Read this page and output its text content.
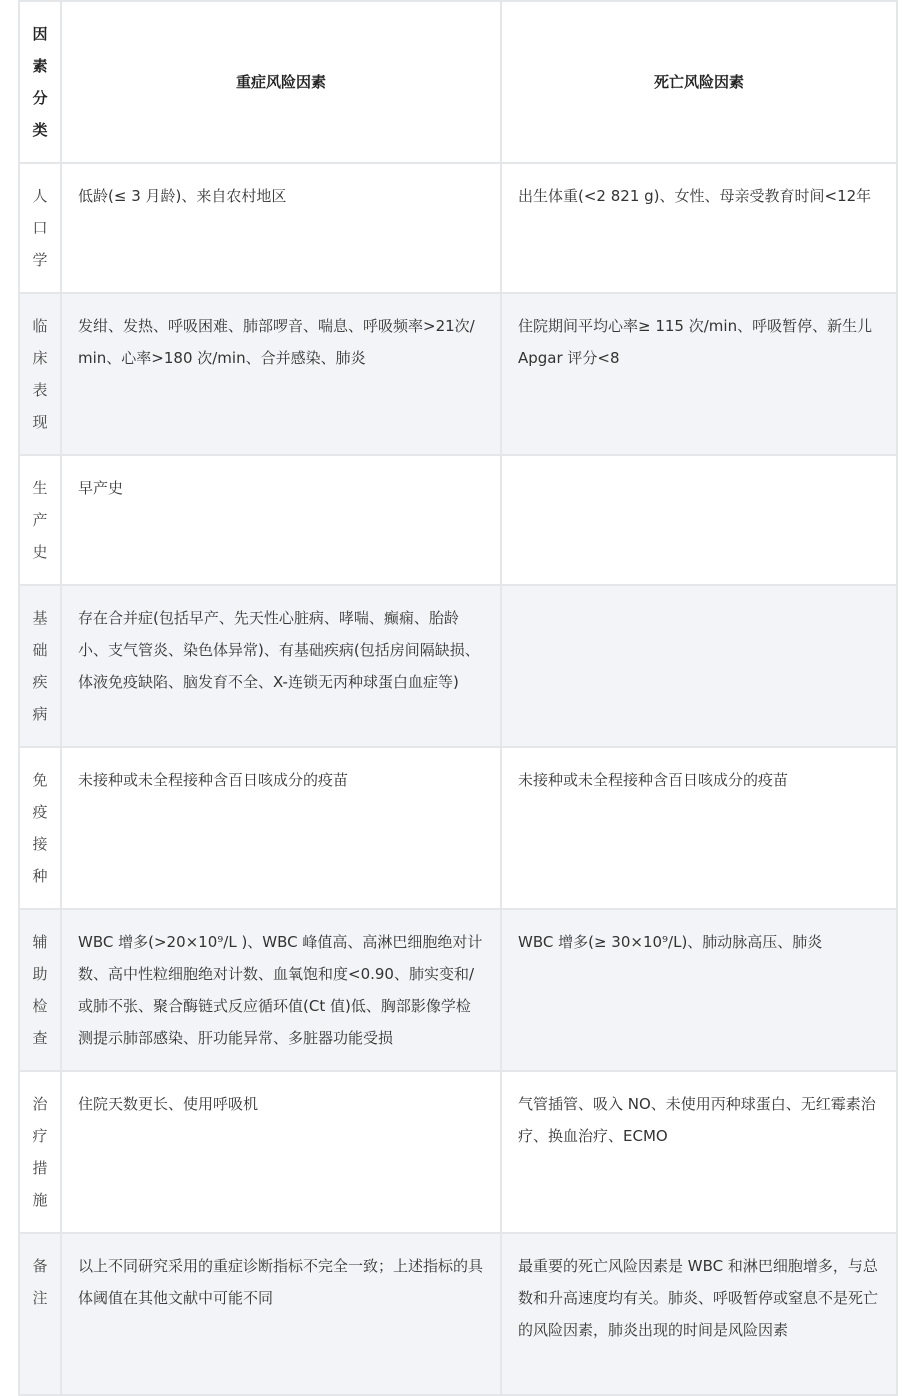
因
素
分
类	重症风险因素	死亡风险因素

人
口
学	低龄(≤ 3 月龄)、来自农村地区	出生体重(<2 821 g)、女性、母亲受教育时间<12年

临
床
表
现	发绀、发热、呼吸困难、肺部啰音、喘息、呼吸频率>21次/min、心率>180 次/min、合并感染、肺炎	住院期间平均心率≥ 115 次/min、呼吸暂停、新生儿 Apgar 评分<8

生
产
史	早产史	

基
础
疾
病	存在合并症(包括早产、先天性心脏病、哮喘、癫痫、胎龄小、支气管炎、染色体异常)、有基础疾病(包括房间隔缺损、体液免疫缺陷、脑发育不全、X-连锁无丙种球蛋白血症等)	

免
疫
接
种	未接种或未全程接种含百日咳成分的疫苗	未接种或未全程接种含百日咳成分的疫苗

辅
助
检
查	WBC 增多(>20×10⁹/L )、WBC 峰值高、高淋巴细胞绝对计数、高中性粒细胞绝对计数、血氧饱和度<0.90、肺实变和/或肺不张、聚合酶链式反应循环值(Ct 值)低、胸部影像学检测提示肺部感染、肝功能异常、多脏器功能受损	WBC 增多(≥ 30×10⁹/L)、肺动脉高压、肺炎

治
疗
措
施	住院天数更长、使用呼吸机	气管插管、吸入 NO、未使用丙种球蛋白、无红霉素治疗、换血治疗、ECMO

备
注	以上不同研究采用的重症诊断指标不完全一致；上述指标的具体阈值在其他文献中可能不同	最重要的死亡风险因素是 WBC 和淋巴细胞增多，与总数和升高速度均有关。肺炎、呼吸暂停或窒息不是死亡的风险因素，肺炎出现的时间是风险因素
